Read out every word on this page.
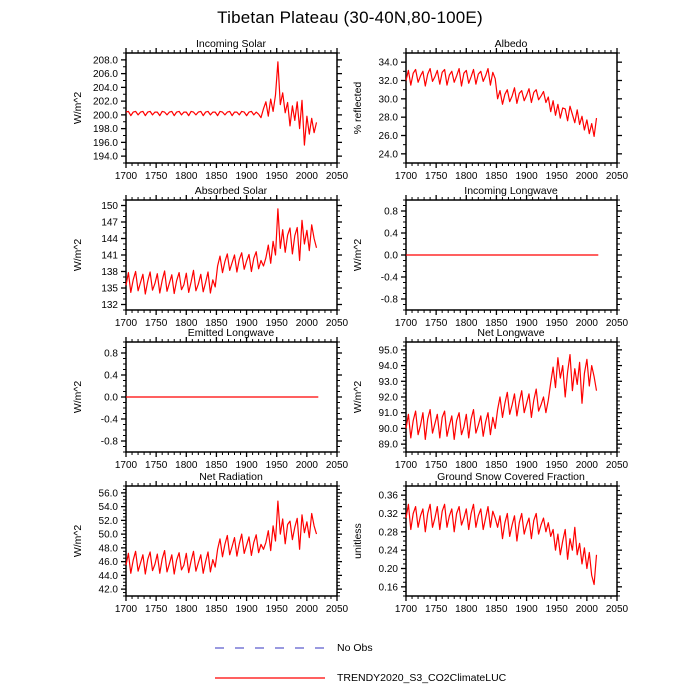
Tibetan Plateau (30-40N,80-100E)
Incoming Solar
W/m^2
1700 1750 1800 1850 1900 1950 2000 2050
194.0
196.0
198.0
200.0
202.0
204.0
206.0
208.0
Albedo
% reflected
1700 1750 1800 1850 1900 1950 2000 2050
24.0
26.0
28.0
30.0
32.0
34.0
Absorbed Solar
W/m^2
1700 1750 1800 1850 1900 1950 2000 2050
132
135
138
141
144
147
150
Incoming Longwave
W/m^2
1700 1750 1800 1850 1900 1950 2000 2050
-0.8
-0.4
0.0
0.4
0.8
Emitted Longwave
W/m^2
1700 1750 1800 1850 1900 1950 2000 2050
-0.8
-0.4
0.0
0.4
0.8
Net Longwave
W/m^2
1700 1750 1800 1850 1900 1950 2000 2050
89.0
90.0
91.0
92.0
93.0
94.0
95.0
Net Radiation
W/m^2
1700 1750 1800 1850 1900 1950 2000 2050
42.0
44.0
46.0
48.0
50.0
52.0
54.0
56.0
Ground Snow Covered Fraction
unitless
1700 1750 1800 1850 1900 1950 2000 2050
0.16
0.20
0.24
0.28
0.32
0.36
No Obs
TRENDY2020_S3_CO2ClimateLUC
